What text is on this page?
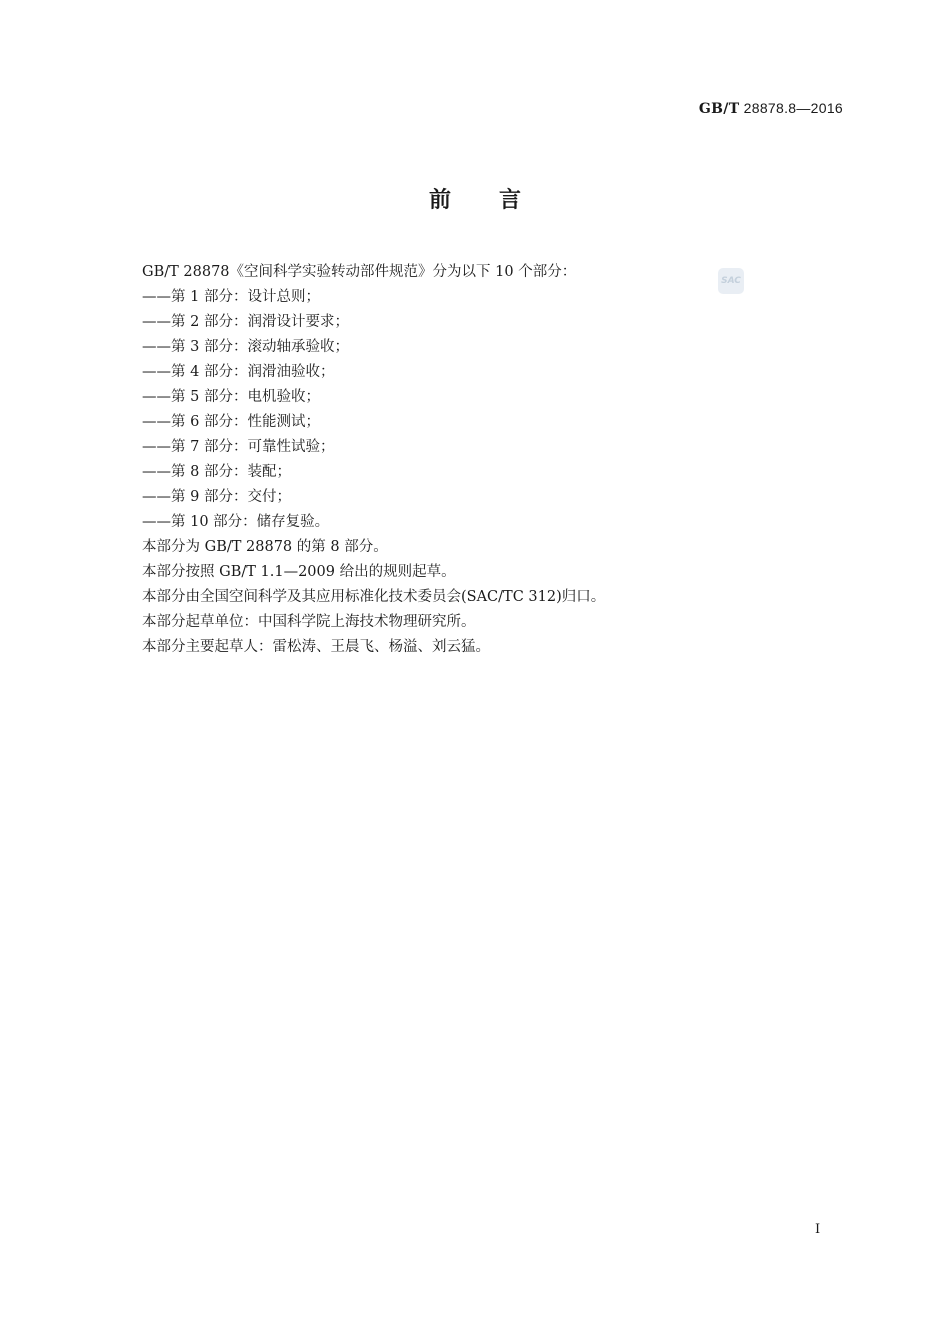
GB/T 28878.8—2016
前言
SAC
GB/T 28878《空间科学实验转动部件规范》分为以下 10 个部分：
——第 1 部分：设计总则；
——第 2 部分：润滑设计要求；
——第 3 部分：滚动轴承验收；
——第 4 部分：润滑油验收；
——第 5 部分：电机验收；
——第 6 部分：性能测试；
——第 7 部分：可靠性试验；
——第 8 部分：装配；
——第 9 部分：交付；
——第 10 部分：储存复验。
本部分为 GB/T 28878 的第 8 部分。
本部分按照 GB/T 1.1—2009 给出的规则起草。
本部分由全国空间科学及其应用标准化技术委员会(SAC/TC 312)归口。
本部分起草单位：中国科学院上海技术物理研究所。
本部分主要起草人：雷松涛、王晨飞、杨溢、刘云猛。
I
